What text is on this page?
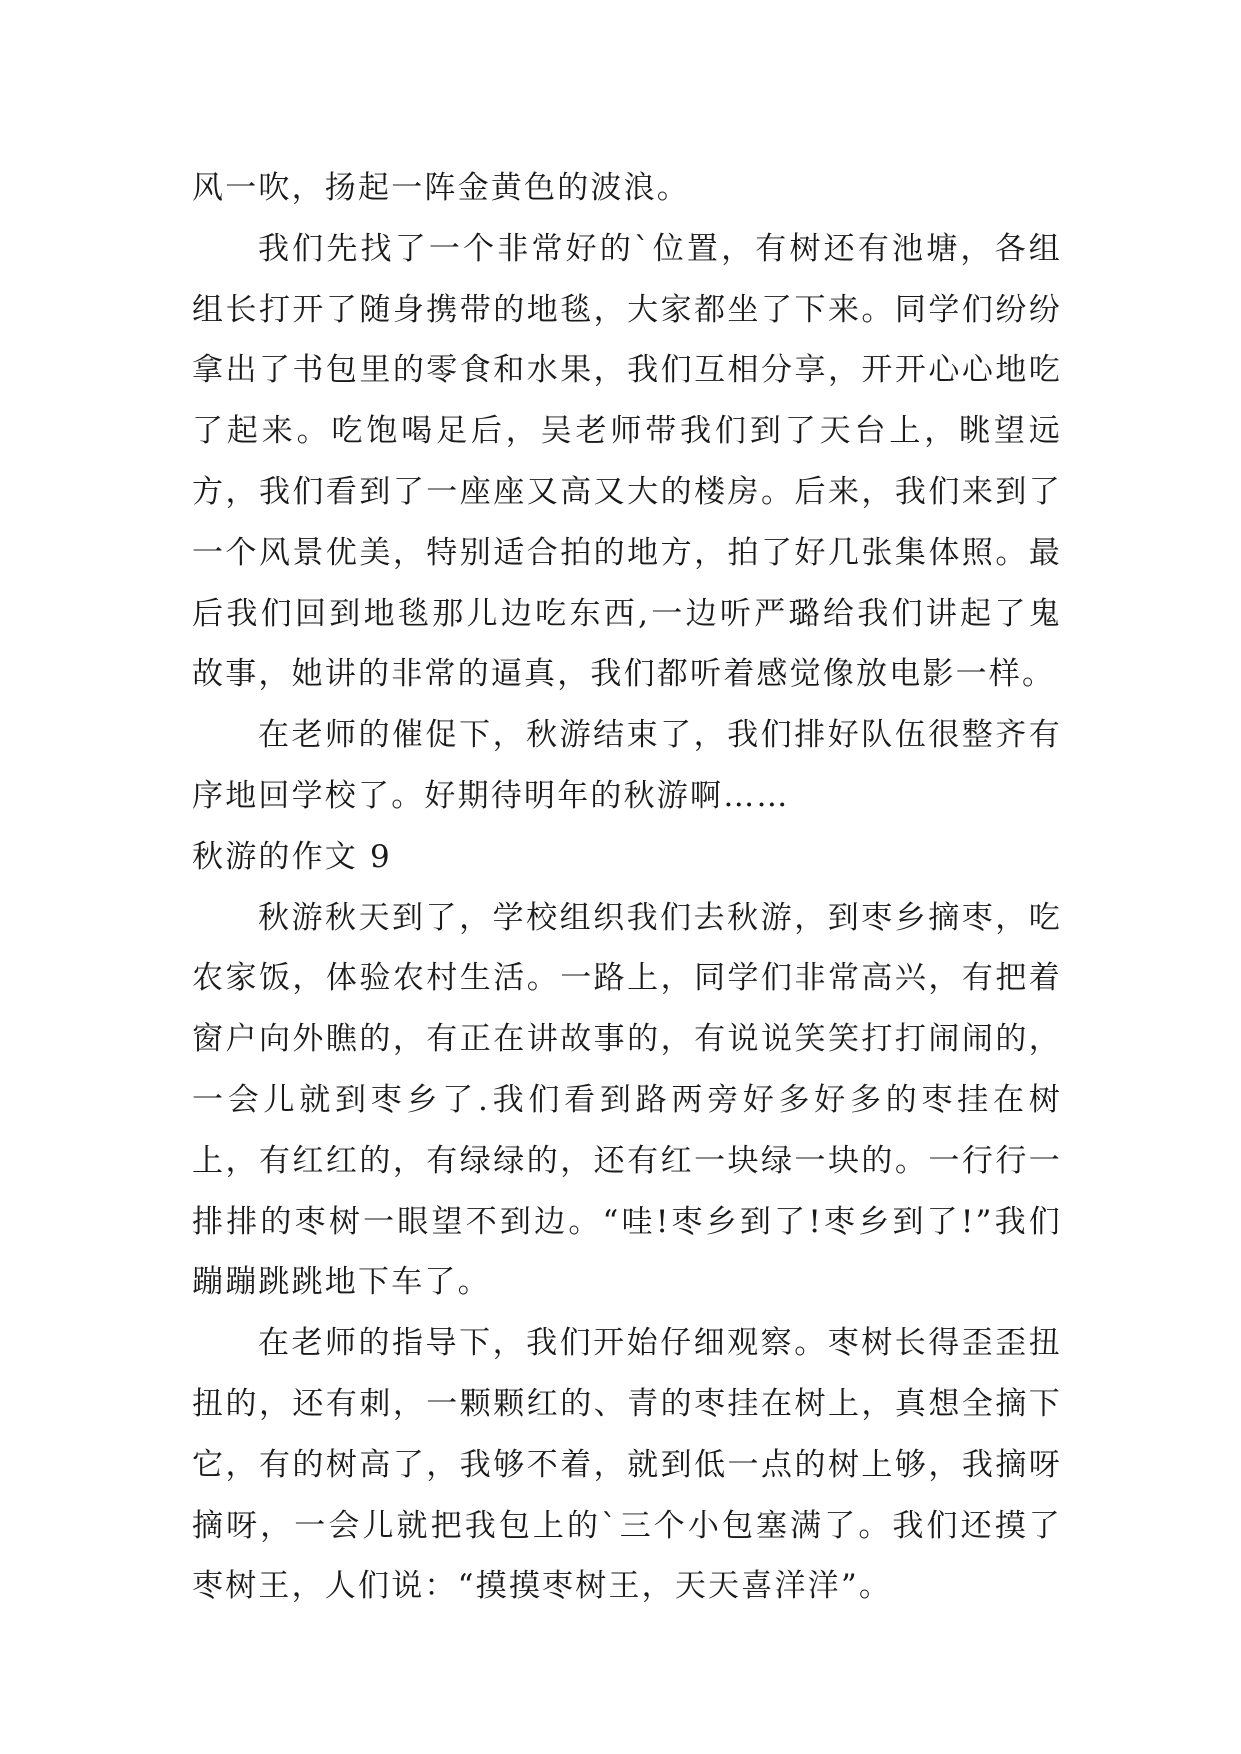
风一吹，扬起一阵金黄色的波浪。

我们先找了一个非常好的`位置，有树还有池塘，各组组长打开了随身携带的地毯，大家都坐了下来。同学们纷纷拿出了书包里的零食和水果，我们互相分享，开开心心地吃了起来。吃饱喝足后，吴老师带我们到了天台上，眺望远方，我们看到了一座座又高又大的楼房。后来，我们来到了一个风景优美，特别适合拍的地方，拍了好几张集体照。最后我们回到地毯那儿边吃东西,一边听严璐给我们讲起了鬼故事，她讲的非常的逼真，我们都听着感觉像放电影一样。

在老师的催促下，秋游结束了，我们排好队伍很整齐有序地回学校了。好期待明年的秋游啊……

秋游的作文 9

秋游秋天到了，学校组织我们去秋游，到枣乡摘枣，吃农家饭，体验农村生活。一路上，同学们非常高兴，有把着窗户向外瞧的，有正在讲故事的，有说说笑笑打打闹闹的，一会儿就到枣乡了.我们看到路两旁好多好多的枣挂在树上，有红红的，有绿绿的，还有红一块绿一块的。一行行一排排的枣树一眼望不到边。“哇!枣乡到了!枣乡到了!”我们蹦蹦跳跳地下车了。

在老师的指导下，我们开始仔细观察。枣树长得歪歪扭扭的，还有刺，一颗颗红的、青的枣挂在树上，真想全摘下它，有的树高了，我够不着，就到低一点的树上够，我摘呀摘呀，一会儿就把我包上的`三个小包塞满了。我们还摸了枣树王，人们说：“摸摸枣树王，天天喜洋洋”。
